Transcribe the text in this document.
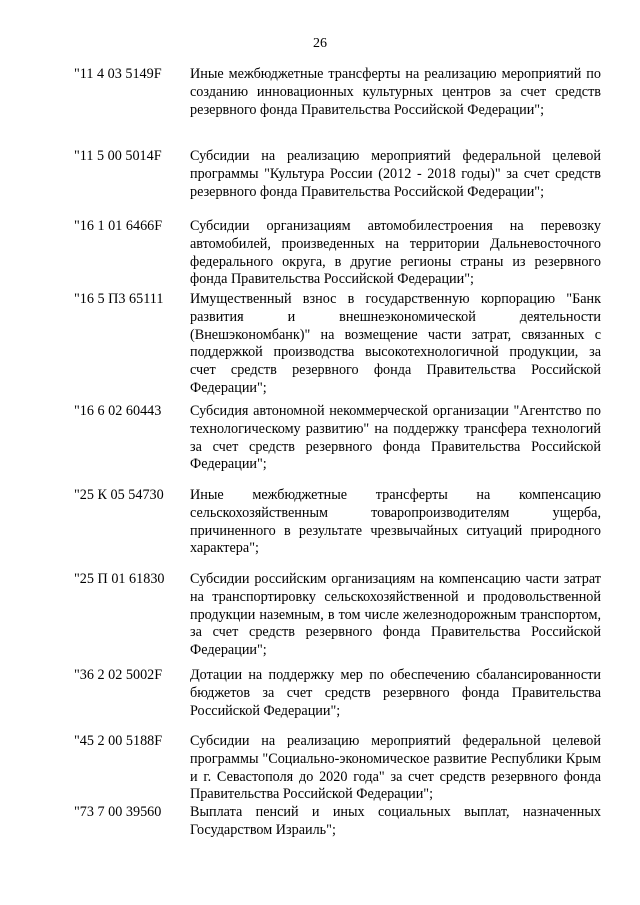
26
"11 4 03 5149F	Иные межбюджетные трансферты на реализацию мероприятий по созданию инновационных культурных центров за счет средств резервного фонда Правительства Российской Федерации";
"11 5 00 5014F	Субсидии на реализацию мероприятий федеральной целевой программы "Культура России (2012 - 2018 годы)" за счет средств резервного фонда Правительства Российской Федерации";
"16 1 01 6466F	Субсидии организациям автомобилестроения на перевозку автомобилей, произведенных на территории Дальневосточного федерального округа, в другие регионы страны из резервного фонда Правительства Российской Федерации";
"16 5 П3 65111	Имущественный взнос в государственную корпорацию "Банк развития и внешнеэкономической деятельности (Внешэкономбанк)" на возмещение части затрат, связанных с поддержкой производства высокотехнологичной продукции, за счет средств резервного фонда Правительства Российской Федерации";
"16 6 02 60443	Субсидия автономной некоммерческой организации "Агентство по технологическому развитию" на поддержку трансфера технологий за счет средств резервного фонда Правительства Российской Федерации";
"25 К 05 54730	Иные межбюджетные трансферты на компенсацию сельскохозяйственным товаропроизводителям ущерба, причиненного в результате чрезвычайных ситуаций природного характера";
"25 П 01 61830	Субсидии российским организациям на компенсацию части затрат на транспортировку сельскохозяйственной и продовольственной продукции наземным, в том числе железнодорожным транспортом, за счет средств резервного фонда Правительства Российской Федерации";
"36 2 02 5002F	Дотации на поддержку мер по обеспечению сбалансированности бюджетов за счет средств резервного фонда Правительства Российской Федерации";
"45 2 00 5188F	Субсидии на реализацию мероприятий федеральной целевой программы "Социально-экономическое развитие Республики Крым и г. Севастополя до 2020 года" за счет средств резервного фонда Правительства Российской Федерации";
"73 7 00 39560	Выплата пенсий и иных социальных выплат, назначенных Государством Израиль";
